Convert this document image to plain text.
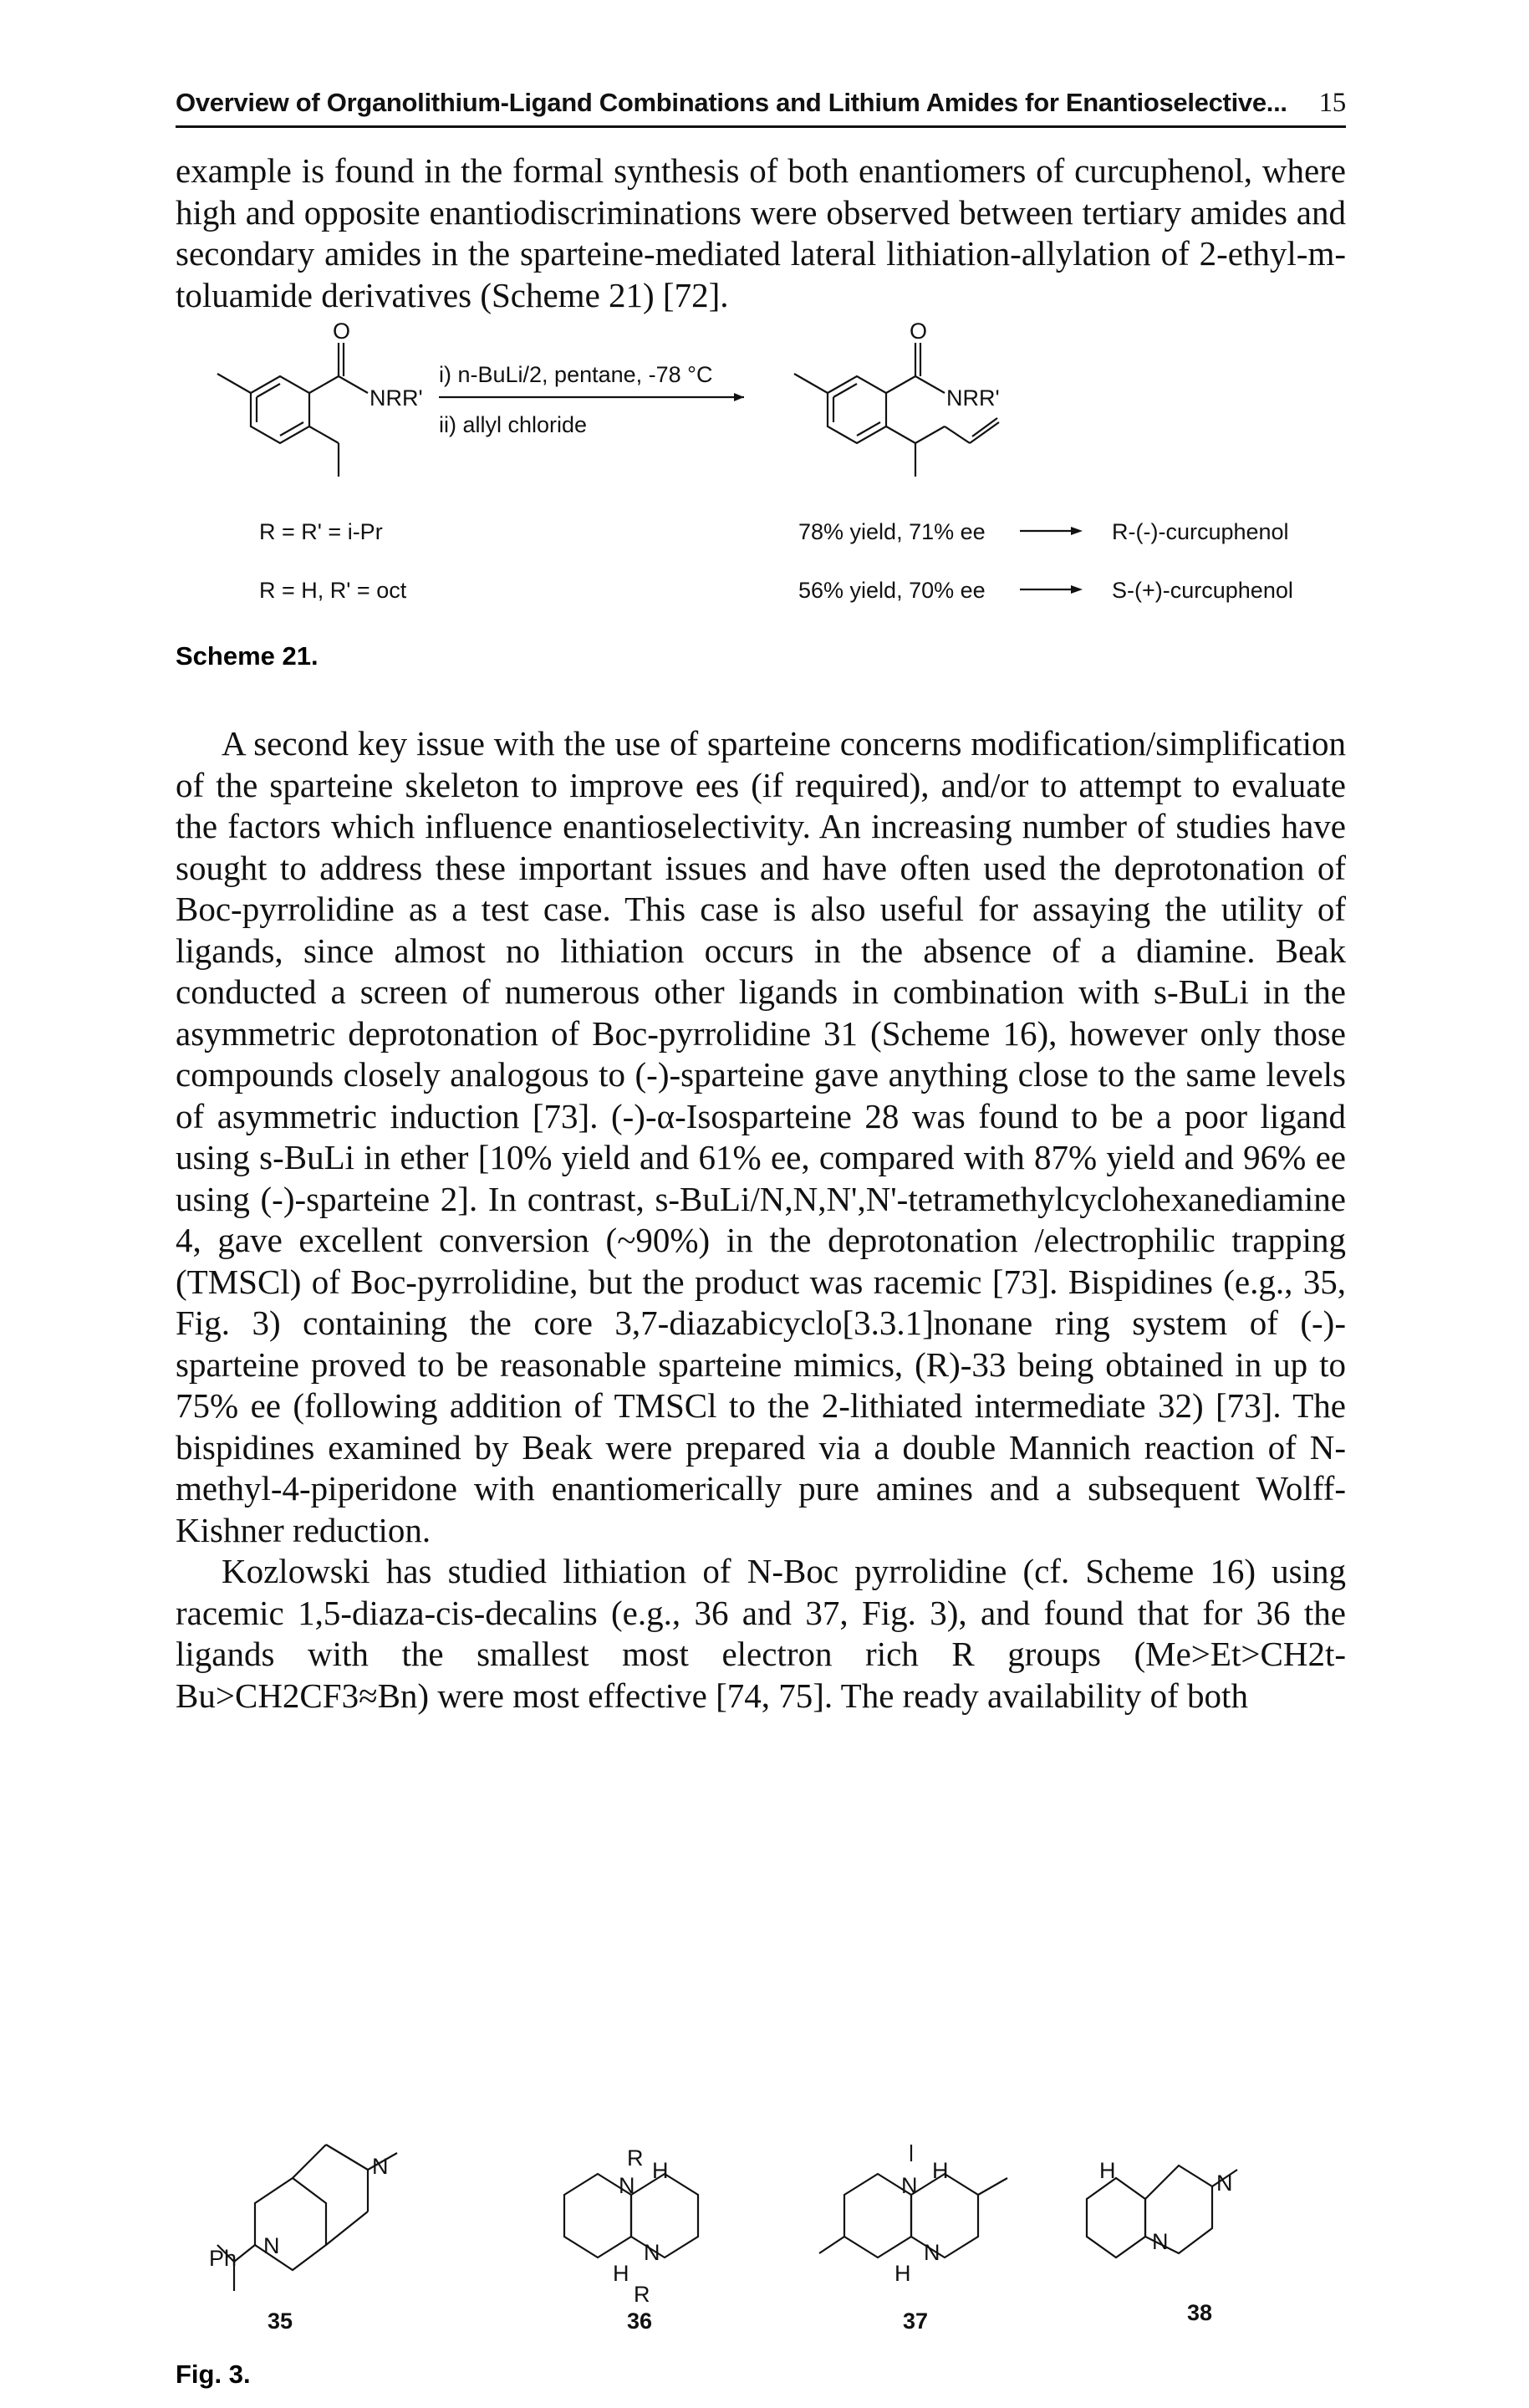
Overview of Organolithium-Ligand Combinations and Lithium Amides for Enantioselective... 15
example is found in the formal synthesis of both enantiomers of curcuphenol, where high and opposite enantiodiscriminations were observed between tertiary amides and secondary amides in the sparteine-mediated lateral lithiation-allylation of 2-ethyl-m-toluamide derivatives (Scheme 21) [72].
O
NRR'
O
NRR'
i) n-BuLi/2, pentane, -78 °C
ii) allyl chloride
R = R' = i-Pr
R = H, R' = oct
78% yield, 71% ee
56% yield, 70% ee
R-(-)-curcuphenol
S-(+)-curcuphenol
Scheme 21.
A second key issue with the use of sparteine concerns modification/simplification of the sparteine skeleton to improve ees (if required), and/or to attempt to evaluate the factors which influence enantioselectivity. An increasing number of studies have sought to address these important issues and have often used the deprotonation of Boc-pyrrolidine as a test case. This case is also useful for assaying the utility of ligands, since almost no lithiation occurs in the absence of a diamine. Beak conducted a screen of numerous other ligands in combination with s-BuLi in the asymmetric deprotonation of Boc-pyrrolidine 31 (Scheme 16), however only those compounds closely analogous to (-)-sparteine gave anything close to the same levels of asymmetric induction [73]. (-)-α-Isosparteine 28 was found to be a poor ligand using s-BuLi in ether [10% yield and 61% ee, compared with 87% yield and 96% ee using (-)-sparteine 2]. In contrast, s-BuLi/N,N,N',N'-tetramethylcyclohexanediamine 4, gave excellent conversion (~90%) in the deprotonation /electrophilic trapping (TMSCl) of Boc-pyrrolidine, but the product was racemic [73]. Bispidines (e.g., 35, Fig. 3) containing the core 3,7-diazabicyclo[3.3.1]nonane ring system of (-)-sparteine proved to be reasonable sparteine mimics, (R)-33 being obtained in up to 75% ee (following addition of TMSCl to the 2-lithiated intermediate 32) [73]. The bispidines examined by Beak were prepared via a double Mannich reaction of N-methyl-4-piperidone with enantiomerically pure amines and a subsequent Wolff-Kishner reduction.
Kozlowski has studied lithiation of N-Boc pyrrolidine (cf. Scheme 16) using racemic 1,5-diaza-cis-decalins (e.g., 36 and 37, Fig. 3), and found that for 36 the ligands with the smallest most electron rich R groups (Me>Et>CH2t-Bu>CH2CF3≈Bn) were most effective [74, 75]. The ready availability of both
Ph N
N	R
N
H
N
H
R
N
H
N
H
H	N
N
35	36	37	38
Fig. 3.
